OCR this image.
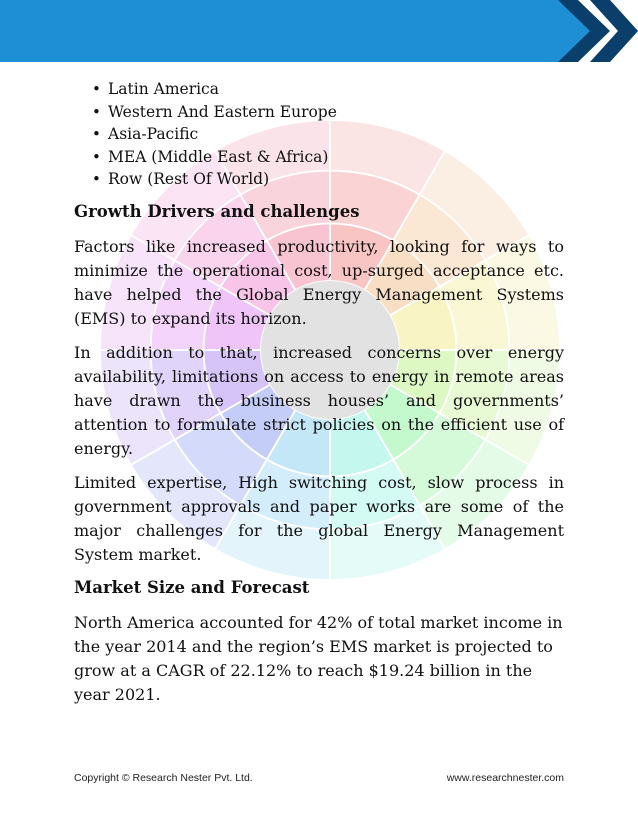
• Latin America
• Western And Eastern Europe
• Asia-Pacific
• MEA (Middle East & Africa)
• Row (Rest Of World)
Growth Drivers and challenges

Factors like increased productivity, looking for ways to minimize the operational cost, up-surged acceptance etc. have helped the Global Energy Management Systems (EMS) to expand its horizon.

In addition to that, increased concerns over energy availability, limitations on access to energy in remote areas have drawn the business houses’ and governments’ attention to formulate strict policies on the efficient use of energy.

Limited expertise, High switching cost, slow process in government approvals and paper works are some of the major challenges for the global Energy Management System market.

Market Size and Forecast

North America accounted for 42% of total market income in the year 2014 and the region’s EMS market is projected to grow at a CAGR of 22.12% to reach $19.24 billion in the year 2021.

Copyright © Research Nester Pvt. Ltd.	www.researchnester.com
